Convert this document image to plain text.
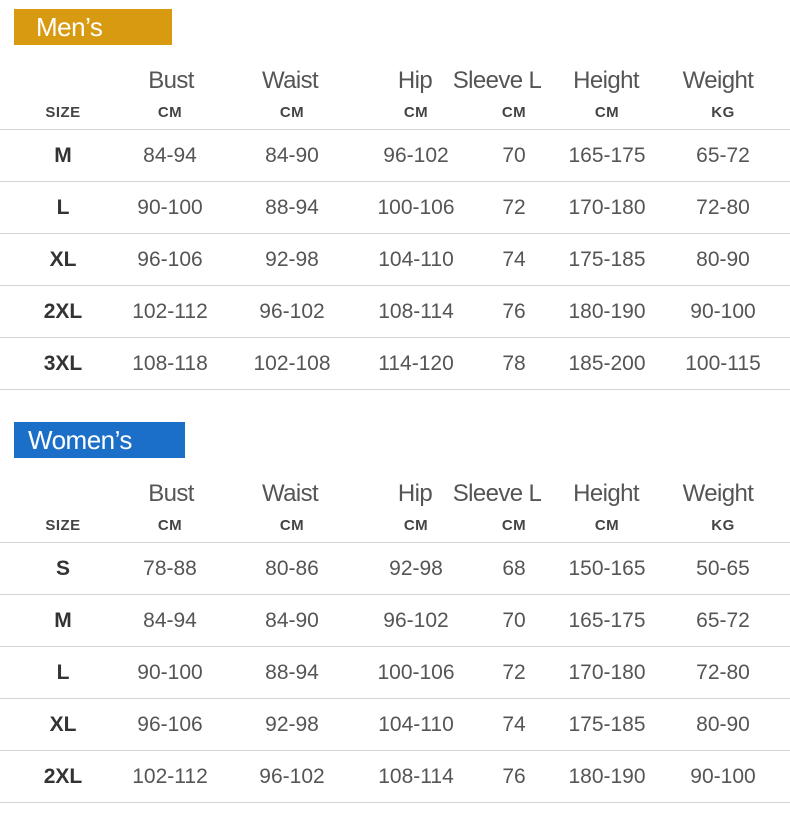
Men’s Size
SIZE
Bust
CM
Waist
CM
Hip
CM
Sleeve L
CM
Height
CM
Weight
KG
M	84-94	84-90	96-102	70 165-175 65-72
L	90-100	88-94	100-106 72 170-180 72-80
XL	96-106	92-98	104-110 74 175-185 80-90
2XL 102-112 96-102	108-114 76 180-190 90-100
3XL 108-118 102-108 114-120 78 185-200 100-115
Women’s Size
SIZE
Bust
CM
Waist
CM
Hip
CM
Sleeve L
CM
Height
CM
Weight
KG
S	78-88	80-86	92-98	68 150-165 50-65
M	84-94	84-90	96-102	70 165-175 65-72
L	90-100	88-94	100-106 72 170-180 72-80
XL	96-106	92-98	104-110 74 175-185 80-90
2XL 102-112 96-102	108-114 76 180-190 90-100
